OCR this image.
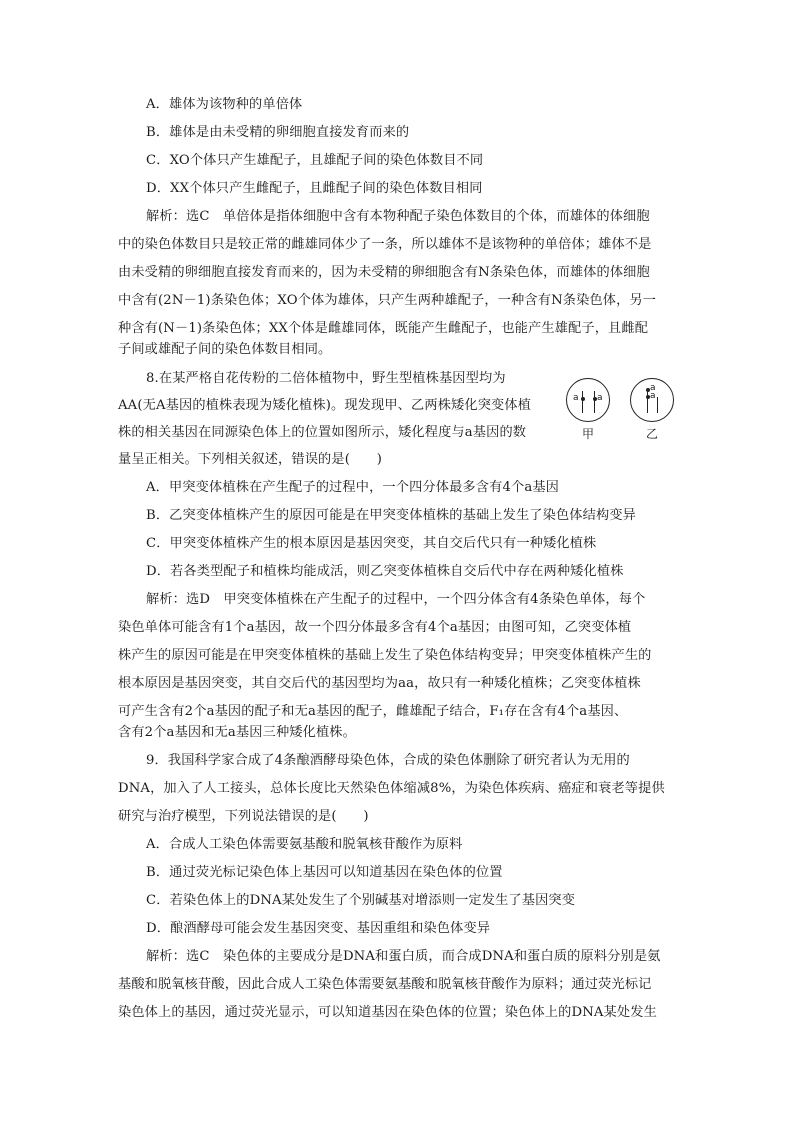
A．雄体为该物种的单倍体
B．雄体是由未受精的卵细胞直接发育而来的
C．XO个体只产生雄配子，且雄配子间的染色体数目不同
D．XX个体只产生雌配子，且雌配子间的染色体数目相同
解析：选C　单倍体是指体细胞中含有本物种配子染色体数目的个体，而雄体的体细胞
中的染色体数目只是较正常的雌雄同体少了一条，所以雄体不是该物种的单倍体；雄体不是
由未受精的卵细胞直接发育而来的，因为未受精的卵细胞含有N条染色体，而雄体的体细胞
中含有(2N－1)条染色体；XO个体为雄体，只产生两种雄配子，一种含有N条染色体，另一
种含有(N－1)条染色体；XX个体是雌雄同体，既能产生雌配子，也能产生雄配子，且雌配
子间或雄配子间的染色体数目相同。
8.在某严格自花传粉的二倍体植物中，野生型植株基因型均为
AA(无A基因的植株表现为矮化植株)。现发现甲、乙两株矮化突变体植
株的相关基因在同源染色体上的位置如图所示，矮化程度与a基因的数
量呈正相关。下列相关叙述，错误的是(　　)
a a
a
a
甲	乙
A．甲突变体植株在产生配子的过程中，一个四分体最多含有4个a基因
B．乙突变体植株产生的原因可能是在甲突变体植株的基础上发生了染色体结构变异
C．甲突变体植株产生的根本原因是基因突变，其自交后代只有一种矮化植株
D．若各类型配子和植株均能成活，则乙突变体植株自交后代中存在两种矮化植株
解析：选D　甲突变体植株在产生配子的过程中，一个四分体含有4条染色单体，每个
染色单体可能含有1个a基因，故一个四分体最多含有4个a基因；由图可知，乙突变体植
株产生的原因可能是在甲突变体植株的基础上发生了染色体结构变异；甲突变体植株产生的
根本原因是基因突变，其自交后代的基因型均为aa，故只有一种矮化植株；乙突变体植株
可产生含有2个a基因的配子和无a基因的配子，雌雄配子结合，F₁存在含有4个a基因、
含有2个a基因和无a基因三种矮化植株。
9．我国科学家合成了4条酿酒酵母染色体，合成的染色体删除了研究者认为无用的
DNA，加入了人工接头，总体长度比天然染色体缩减8%，为染色体疾病、癌症和衰老等提供
研究与治疗模型，下列说法错误的是(　　)
A．合成人工染色体需要氨基酸和脱氧核苷酸作为原料
B．通过荧光标记染色体上基因可以知道基因在染色体的位置
C．若染色体上的DNA某处发生了个别碱基对增添则一定发生了基因突变
D．酿酒酵母可能会发生基因突变、基因重组和染色体变异
解析：选C　染色体的主要成分是DNA和蛋白质，而合成DNA和蛋白质的原料分别是氨
基酸和脱氧核苷酸，因此合成人工染色体需要氨基酸和脱氧核苷酸作为原料；通过荧光标记
染色体上的基因，通过荧光显示，可以知道基因在染色体的位置；染色体上的DNA某处发生
